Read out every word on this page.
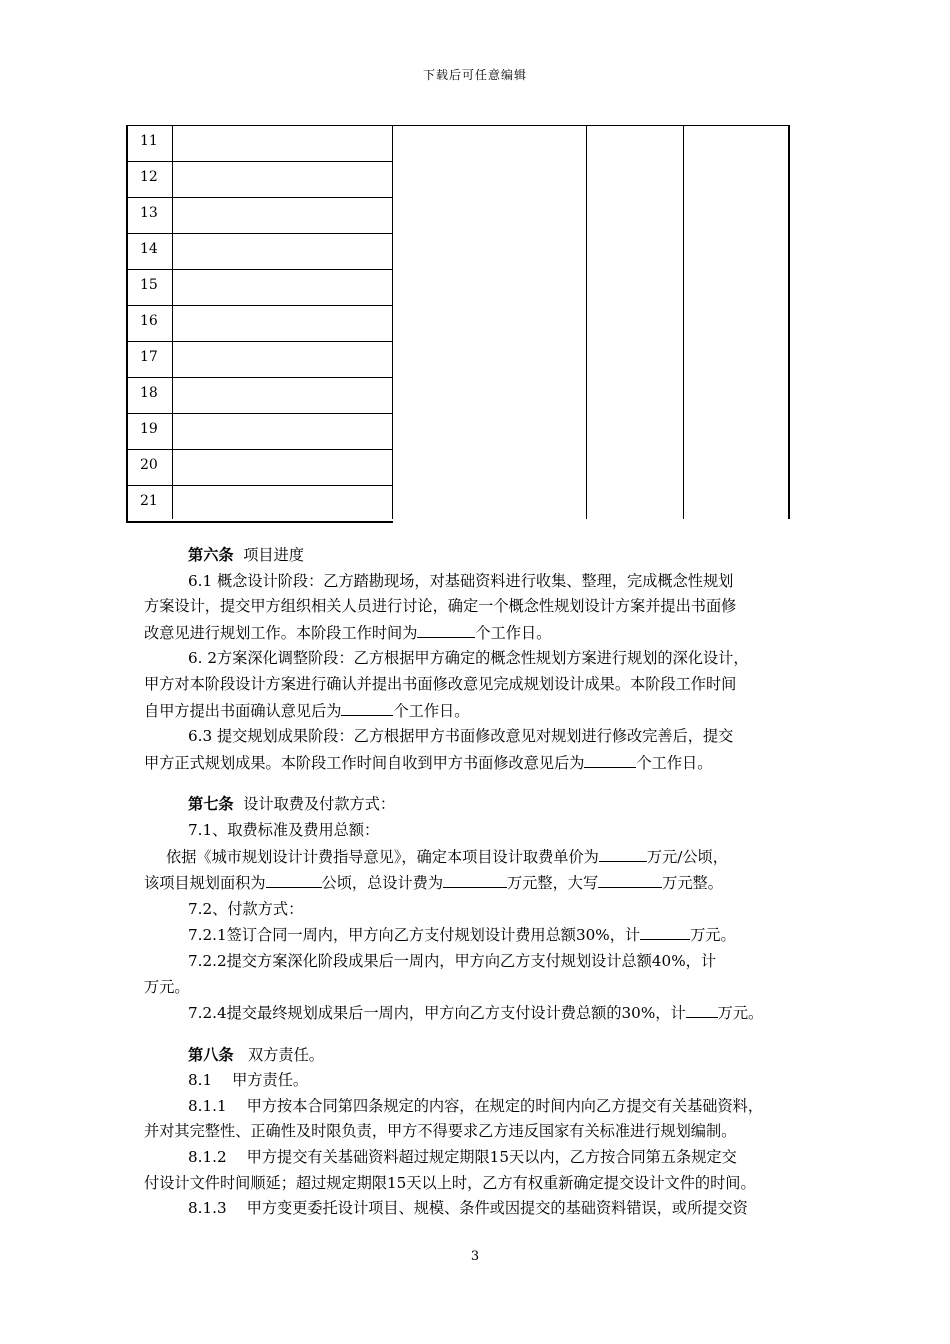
下载后可任意编辑
11
12
13
14
15
16
17
18
19
20
21

第六条 项目进度

6.1 概念设计阶段：乙方踏勘现场，对基础资料进行收集、整理，完成概念性规划

方案设计，提交甲方组织相关人员进行讨论，确定一个概念性规划设计方案并提出书面修

改意见进行规划工作。本阶段工作时间为	个工作日。

6. 2方案深化调整阶段：乙方根据甲方确定的概念性规划方案进行规划的深化设计，

甲方对本阶段设计方案进行确认并提出书面修改意见完成规划设计成果。本阶段工作时间

自甲方提出书面确认意见后为	个工作日。

6.3 提交规划成果阶段：乙方根据甲方书面修改意见对规划进行修改完善后，提交

甲方正式规划成果。本阶段工作时间自收到甲方书面修改意见后为	个工作日。

第七条 设计取费及付款方式：

7.1、取费标准及费用总额：

依据《城市规划设计计费指导意见》，确定本项目设计取费单价为	万元/公顷，

该项目规划面积为	公顷，总设计费为	万元整，大写	万元整。

7.2、付款方式：

7.2.1签订合同一周内，甲方向乙方支付规划设计费用总额30%，计	万元。

7.2.2提交方案深化阶段成果后一周内，甲方向乙方支付规划设计总额40%，计

万元。

7.2.4提交最终规划成果后一周内，甲方向乙方支付设计费总额的30%，计 万元。

第八条 双方责任。

8.1　 甲方责任。

8.1.1　 甲方按本合同第四条规定的内容，在规定的时间内向乙方提交有关基础资料，

并对其完整性、正确性及时限负责，甲方不得要求乙方违反国家有关标准进行规划编制。

8.1.2　 甲方提交有关基础资料超过规定期限15天以内，乙方按合同第五条规定交

付设计文件时间顺延；超过规定期限15天以上时，乙方有权重新确定提交设计文件的时间。

8.1.3　 甲方变更委托设计项目、规模、条件或因提交的基础资料错误，或所提交资

3
